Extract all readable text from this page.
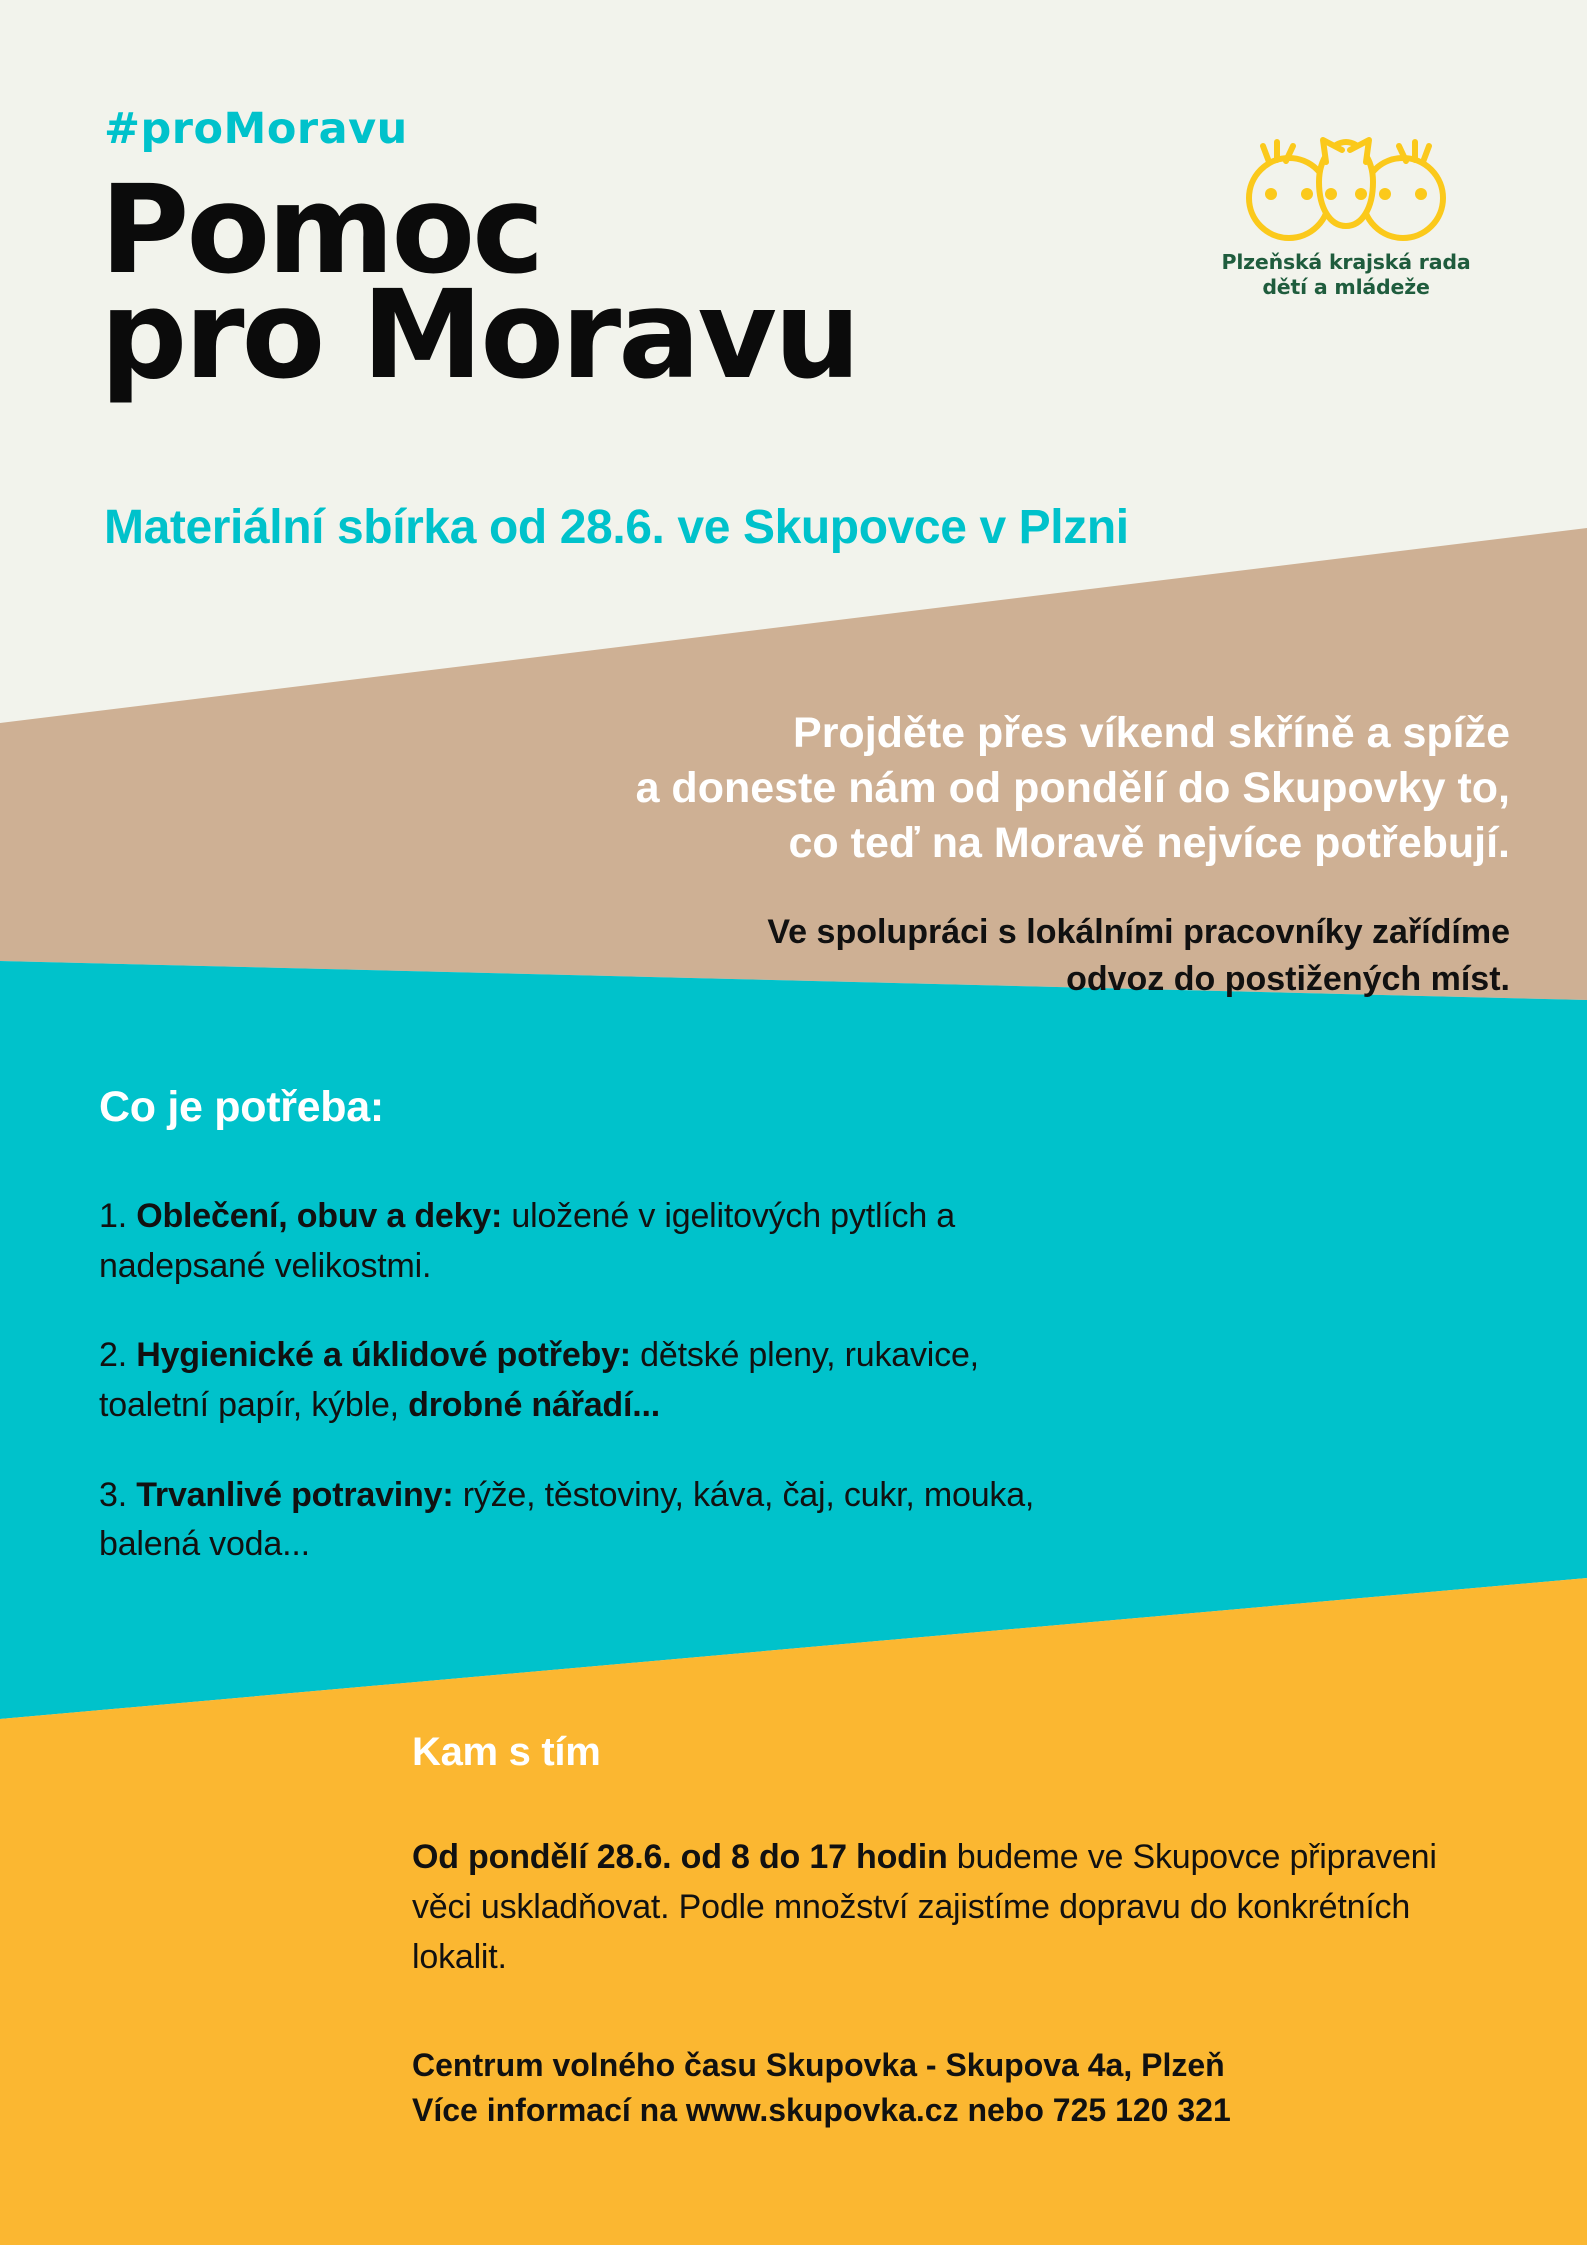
#proMoravu
Pomoc
pro Moravu
Materiální sbírka od 28.6. ve Skupovce v Plzni
Plzeňská krajská rada
dětí a mládeže
Projděte přes víkend skříně a spíže
a doneste nám od pondělí do Skupovky to,
co teď na Moravě nejvíce potřebují.
Ve spolupráci s lokálními pracovníky zařídíme
odvoz do postižených míst.
Co je potřeba:
1. Oblečení, obuv a deky: uložené v igelitových pytlích a nadepsané velikostmi.
2. Hygienické a úklidové potřeby: dětské pleny, rukavice, toaletní papír, kýble, drobné nářadí...
3. Trvanlivé potraviny: rýže, těstoviny, káva, čaj, cukr, mouka, balená voda...
Kam s tím
Od pondělí 28.6. od 8 do 17 hodin budeme ve Skupovce připraveni věci uskladňovat. Podle množství zajistíme dopravu do konkrétních lokalit.
Centrum volného času Skupovka - Skupova 4a, Plzeň
Více informací na www.skupovka.cz nebo 725 120 321
